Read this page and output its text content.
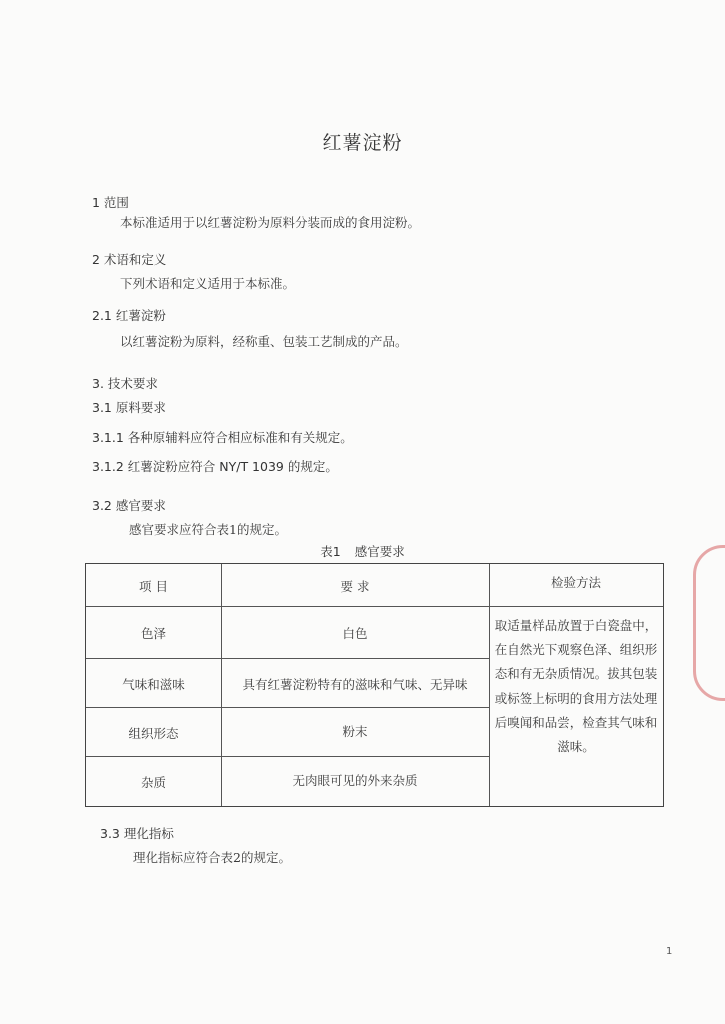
红薯淀粉
1 范围
本标准适用于以红薯淀粉为原料分装而成的食用淀粉。
2 术语和定义
下列术语和定义适用于本标准。
2.1 红薯淀粉
以红薯淀粉为原料，经称重、包装工艺制成的产品。
3. 技术要求
3.1 原料要求
3.1.1 各种原辅料应符合相应标准和有关规定。
3.1.2 红薯淀粉应符合 NY/T 1039 的规定。
3.2 感官要求
感官要求应符合表1的规定。
表1 感官要求
项 目	要 求	检验方法
色泽	白色
气味和滋味	具有红薯淀粉特有的滋味和气味、无异味
组织形态	粉末
杂质	无肉眼可见的外来杂质
取适量样品放置于白瓷盘中，在自然光下观察色泽、组织形态和有无杂质情况。拔其包装或标签上标明的食用方法处理后嗅闻和品尝，检查其气味和滋味。
3.3 理化指标
理化指标应符合表2的规定。
1
